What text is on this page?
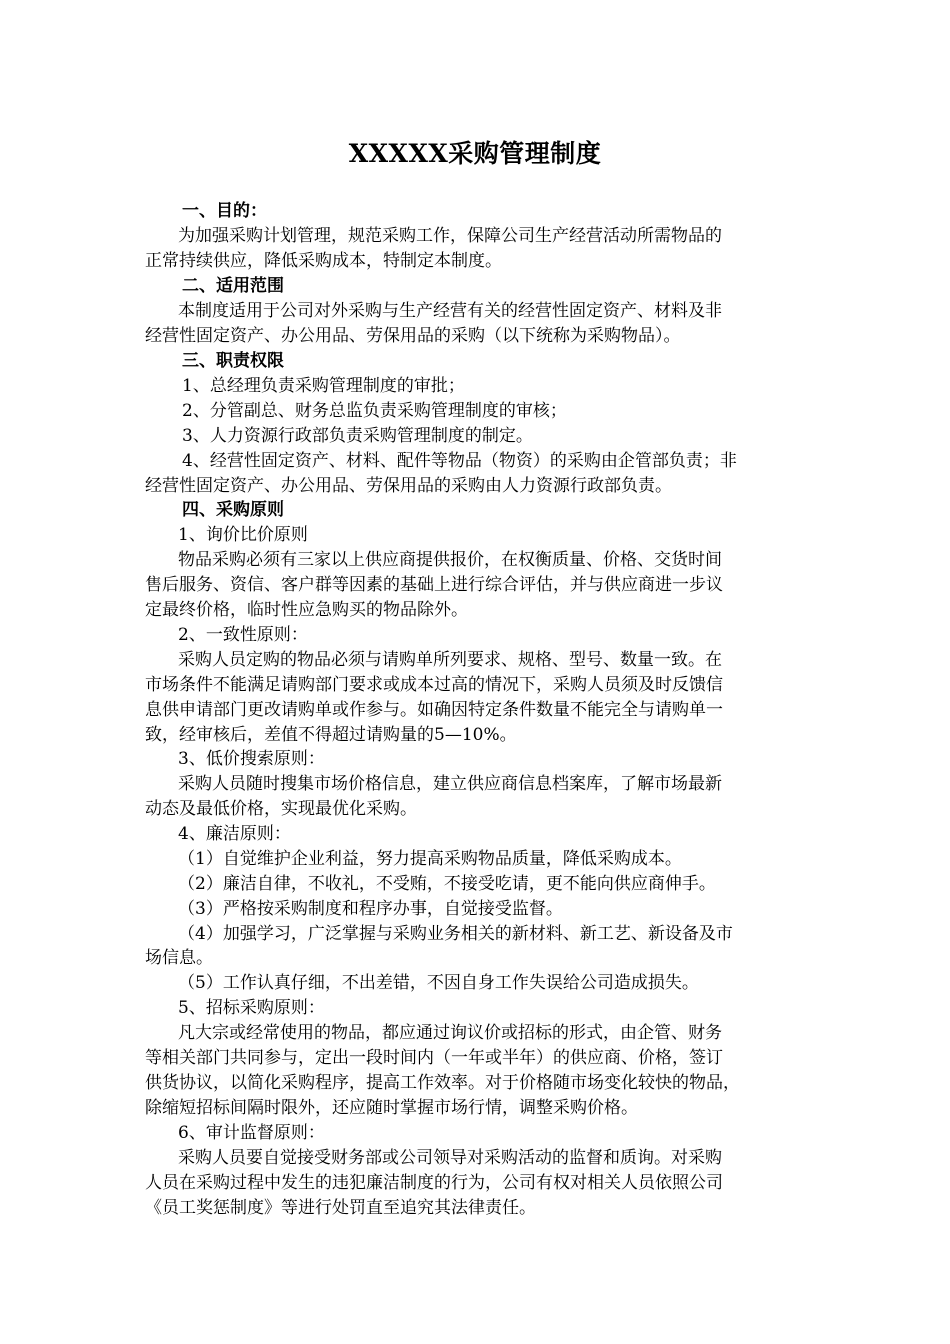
XXXXX采购管理制度
一、目的：
为加强采购计划管理，规范采购工作，保障公司生产经营活动所需物品的
正常持续供应，降低采购成本，特制定本制度。
二、适用范围
本制度适用于公司对外采购与生产经营有关的经营性固定资产、材料及非
经营性固定资产、办公用品、劳保用品的采购（以下统称为采购物品）。
三、职责权限
1、总经理负责采购管理制度的审批；
2、分管副总、财务总监负责采购管理制度的审核；
3、人力资源行政部负责采购管理制度的制定。
4、经营性固定资产、材料、配件等物品（物资）的采购由企管部负责；非
经营性固定资产、办公用品、劳保用品的采购由人力资源行政部负责。
四、采购原则
1、询价比价原则
物品采购必须有三家以上供应商提供报价，在权衡质量、价格、交货时间
售后服务、资信、客户群等因素的基础上进行综合评估，并与供应商进一步议
定最终价格，临时性应急购买的物品除外。
2、一致性原则：
采购人员定购的物品必须与请购单所列要求、规格、型号、数量一致。在
市场条件不能满足请购部门要求或成本过高的情况下，采购人员须及时反馈信
息供申请部门更改请购单或作参与。如确因特定条件数量不能完全与请购单一
致，经审核后，差值不得超过请购量的5—10%。
3、低价搜索原则：
采购人员随时搜集市场价格信息，建立供应商信息档案库，了解市场最新
动态及最低价格，实现最优化采购。
4、廉洁原则：
（1）自觉维护企业利益，努力提高采购物品质量，降低采购成本。
（2）廉洁自律，不收礼，不受贿，不接受吃请，更不能向供应商伸手。
（3）严格按采购制度和程序办事，自觉接受监督。
（4）加强学习，广泛掌握与采购业务相关的新材料、新工艺、新设备及市
场信息。
（5）工作认真仔细，不出差错，不因自身工作失误给公司造成损失。
5、招标采购原则：
凡大宗或经常使用的物品，都应通过询议价或招标的形式，由企管、财务
等相关部门共同参与，定出一段时间内（一年或半年）的供应商、价格，签订
供货协议，以简化采购程序，提高工作效率。对于价格随市场变化较快的物品，
除缩短招标间隔时限外，还应随时掌握市场行情，调整采购价格。
6、审计监督原则：
采购人员要自觉接受财务部或公司领导对采购活动的监督和质询。对采购
人员在采购过程中发生的违犯廉洁制度的行为，公司有权对相关人员依照公司
《员工奖惩制度》等进行处罚直至追究其法律责任。
